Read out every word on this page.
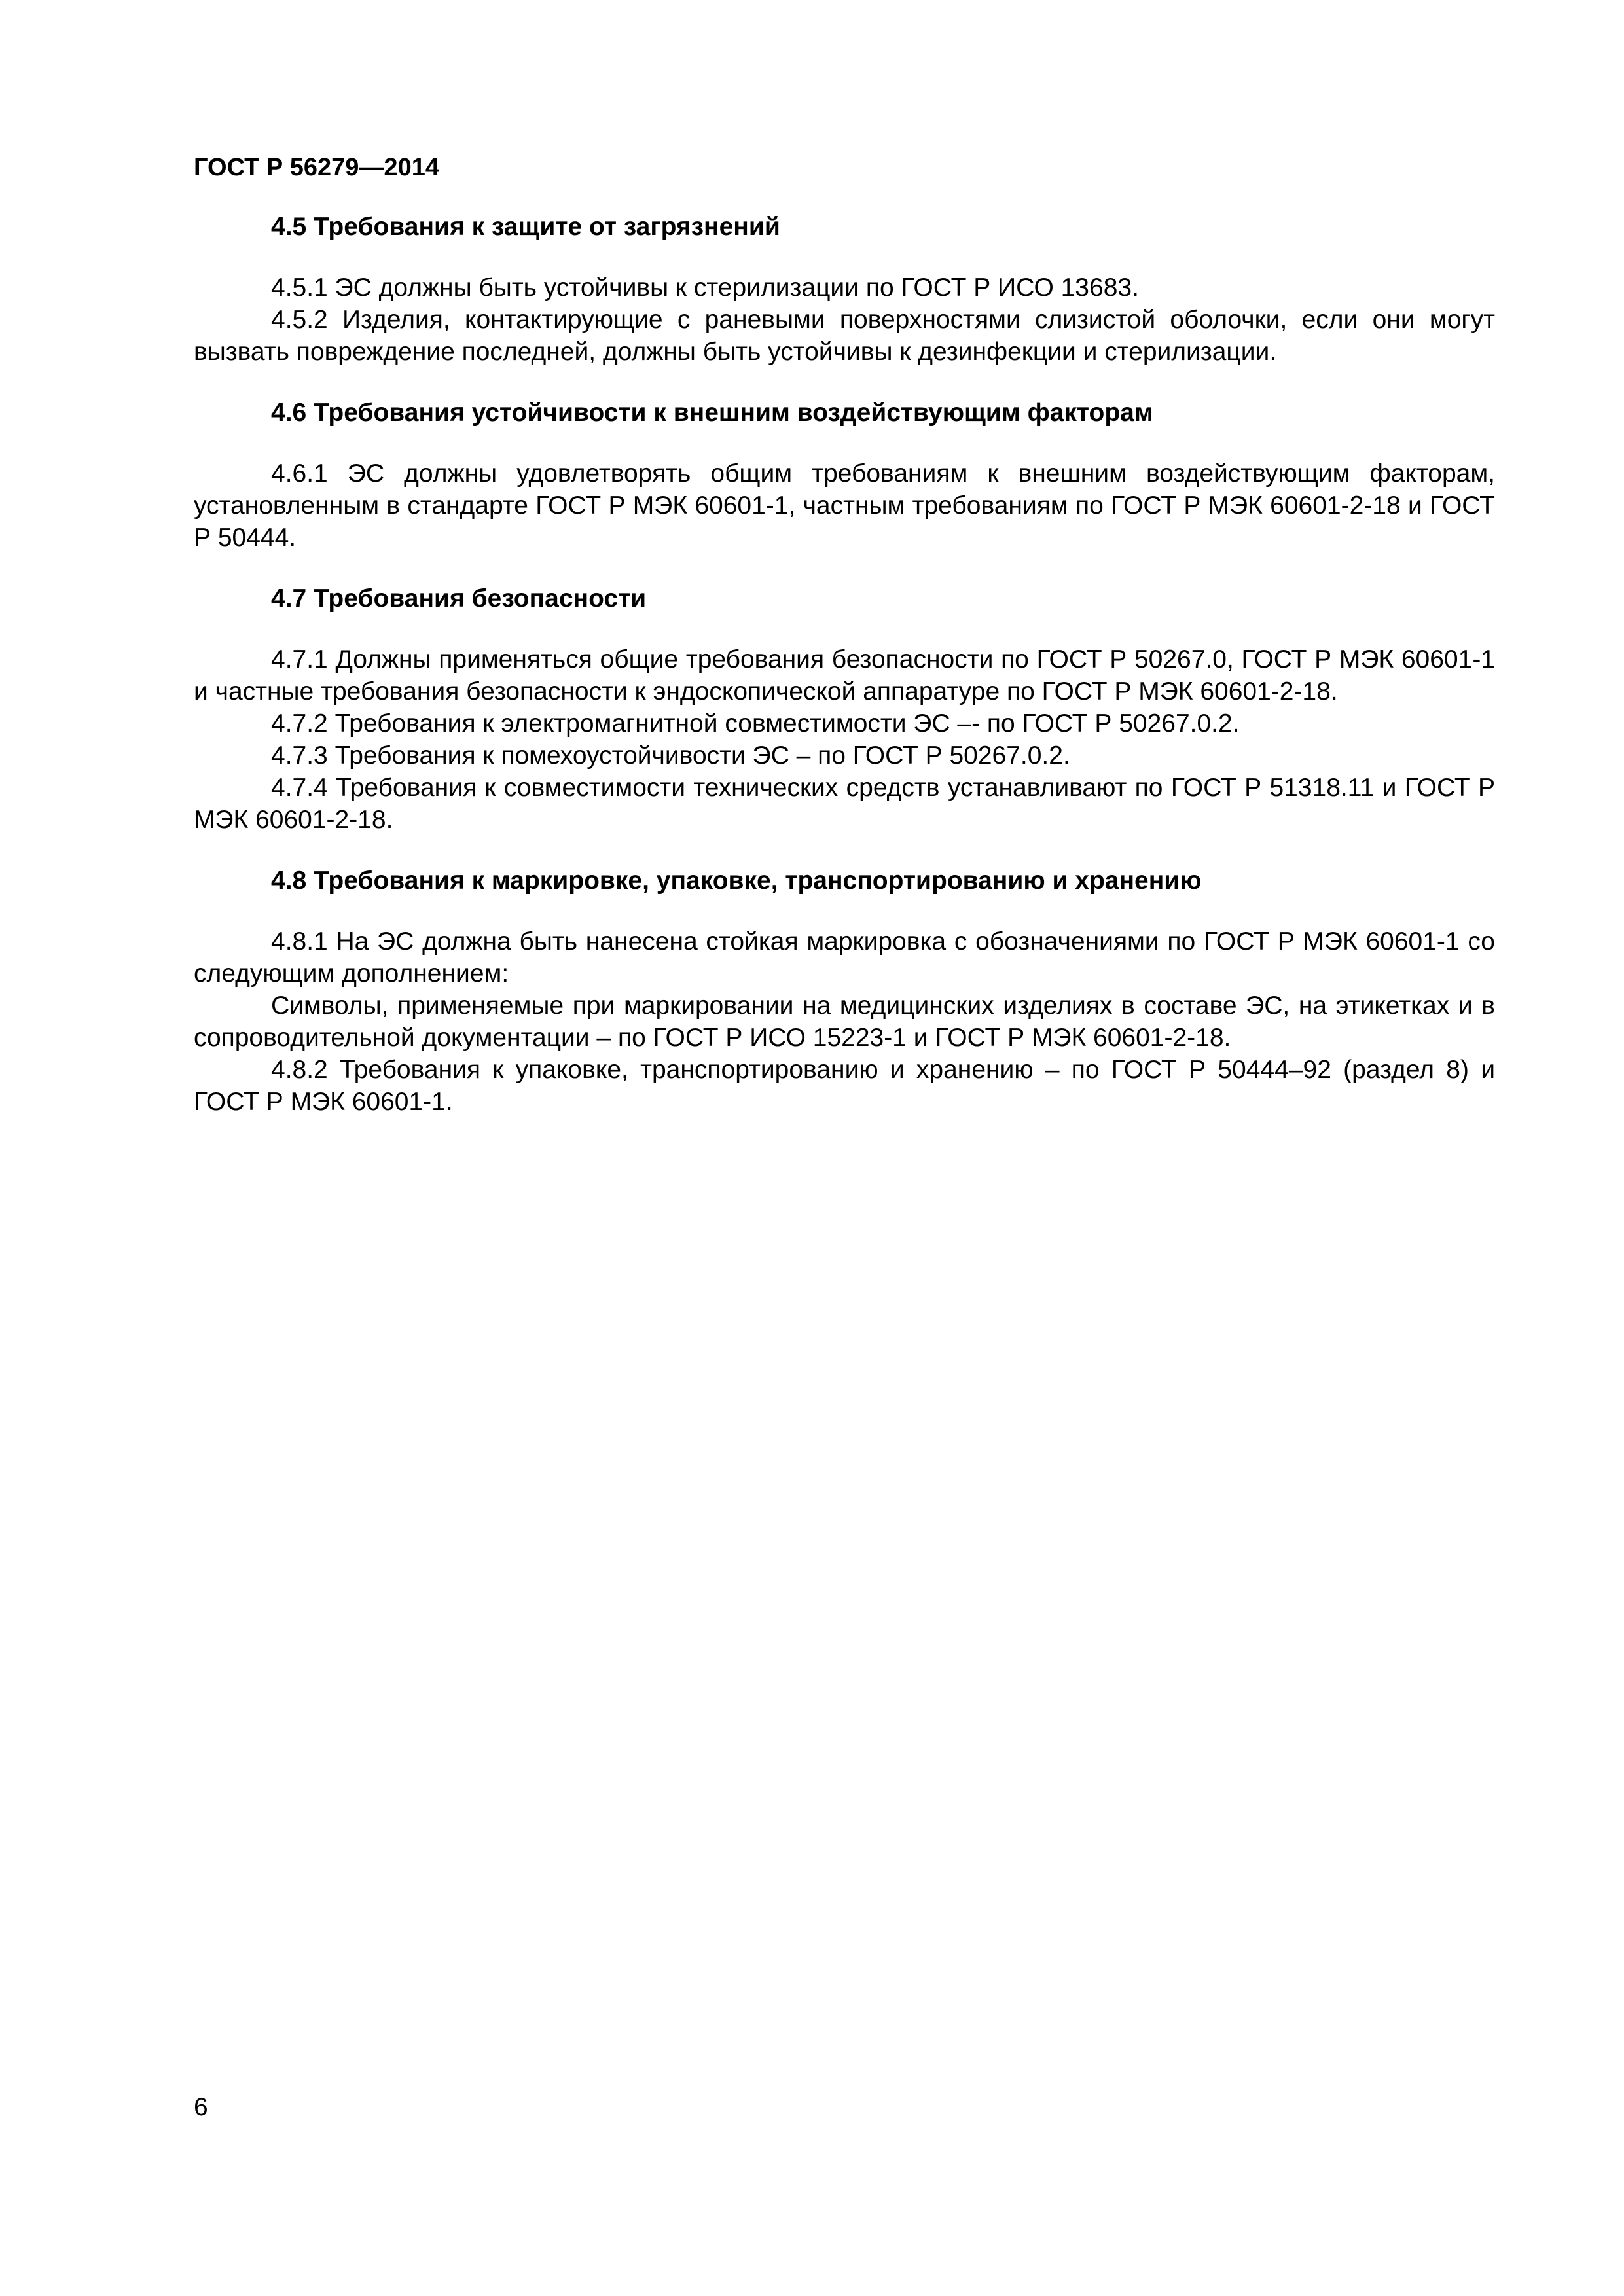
ГОСТ Р 56279—2014

4.5 Требования к защите от загрязнений

4.5.1 ЭС должны быть устойчивы к стерилизации по ГОСТ Р ИСО 13683.

4.5.2 Изделия, контактирующие с раневыми поверхностями слизистой оболочки, если они могут вызвать повреждение последней, должны быть устойчивы к дезинфекции и стерилизации.

4.6 Требования устойчивости к внешним воздействующим факторам

4.6.1 ЭС должны удовлетворять общим требованиям к внешним воздействующим факторам, установленным в стандарте ГОСТ Р МЭК 60601-1, частным требованиям по ГОСТ Р МЭК 60601-2-18 и ГОСТ Р 50444.

4.7 Требования безопасности

4.7.1 Должны применяться общие требования безопасности по ГОСТ Р 50267.0, ГОСТ Р МЭК 60601-1 и частные требования безопасности к эндоскопической аппаратуре по ГОСТ Р МЭК 60601-2-18.

4.7.2 Требования к электромагнитной совместимости ЭС –- по ГОСТ Р 50267.0.2.

4.7.3 Требования к помехоустойчивости ЭС – по ГОСТ Р 50267.0.2.

4.7.4 Требования к совместимости технических средств устанавливают по ГОСТ Р 51318.11 и ГОСТ Р МЭК 60601-2-18.

4.8 Требования к маркировке, упаковке, транспортированию и хранению

4.8.1 На ЭС должна быть нанесена стойкая маркировка с обозначениями по ГОСТ Р МЭК 60601-1 со следующим дополнением:

Символы, применяемые при маркировании на медицинских изделиях в составе ЭС, на этикетках и в сопроводительной документации – по ГОСТ Р ИСО 15223-1 и ГОСТ Р МЭК 60601-2-18.

4.8.2 Требования к упаковке, транспортированию и хранению – по ГОСТ Р 50444–92 (раздел 8) и ГОСТ Р МЭК 60601-1.

6
